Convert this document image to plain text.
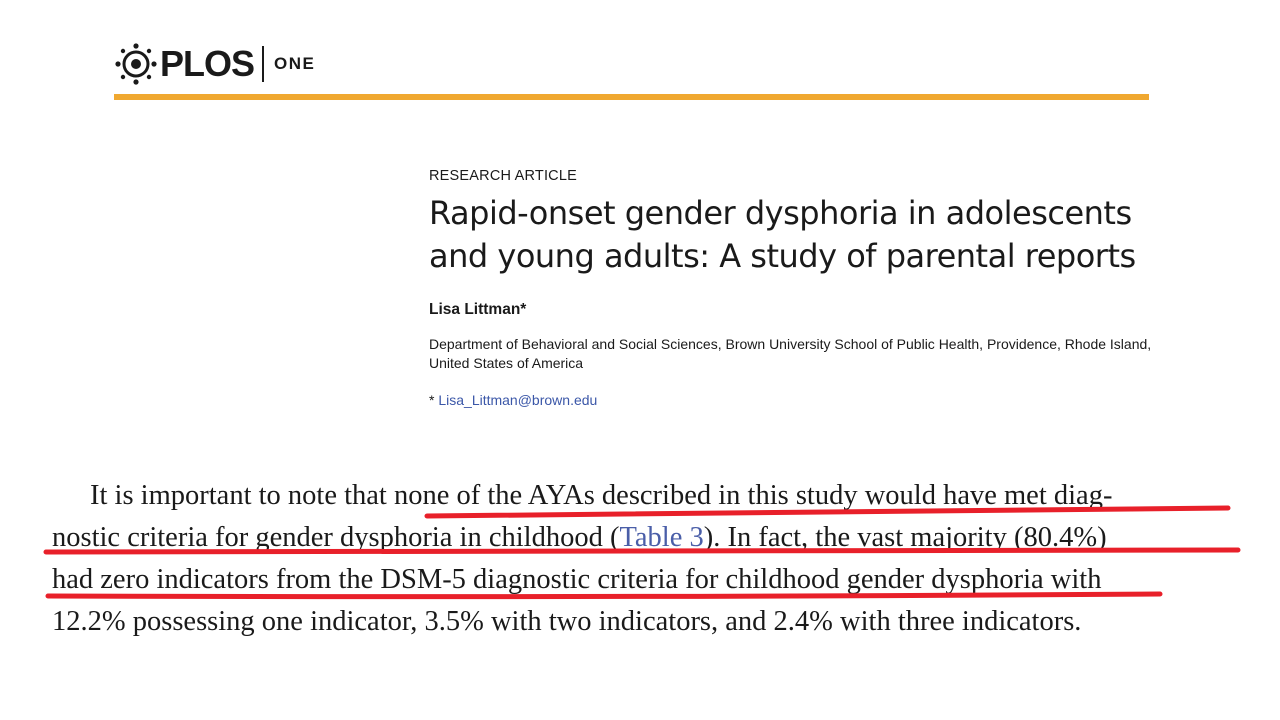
PLOS ONE
RESEARCH ARTICLE
Rapid-onset gender dysphoria in adolescents
and young adults: A study of parental reports
Lisa Littman*
Department of Behavioral and Social Sciences, Brown University School of Public Health, Providence, Rhode Island, United States of America
* Lisa_Littman@brown.edu
It is important to note that none of the AYAs described in this study would have met diag-
nostic criteria for gender dysphoria in childhood (Table 3). In fact, the vast majority (80.4%)
had zero indicators from the DSM-5 diagnostic criteria for childhood gender dysphoria with
12.2% possessing one indicator, 3.5% with two indicators, and 2.4% with three indicators.
